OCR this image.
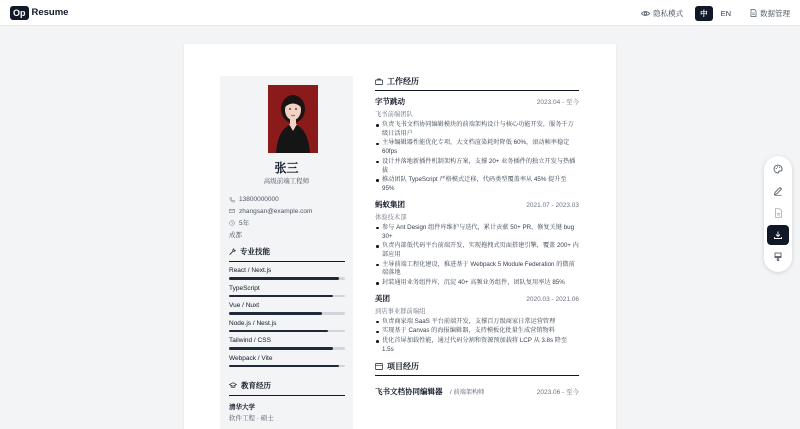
Op Resume	隐私模式	中	EN	数据管理
张三
高级前端工程师
13800000000
zhangsan@example.com
5年
成都
专业技能
React / Next.js
TypeScript
Vue / Nuxt
Node.js / Nest.js
Tailwind / CSS
Webpack / Vite
教育经历
清华大学
软件工程 · 硕士
工作经历
字节跳动	2023.04 - 至今
飞书前端团队
负责飞书文档协同编辑模块的前端架构设计与核心功能开发，服务千万级日活用户
主导编辑器性能优化专项，大文档渲染耗时降低 60%，滚动帧率稳定 60fps
设计并落地新插件机制架构方案，支撑 20+ 业务插件的独立开发与热插拔
推动团队 TypeScript 严格模式迁移，代码类型覆盖率从 45% 提升至 95%
蚂蚁集团	2021.07 - 2023.03
体验技术部
参与 Ant Design 组件库维护与迭代，累计贡献 50+ PR，修复关键 bug 30+
负责内部低代码平台前端开发，实现拖拽式页面搭建引擎，覆盖 200+ 内部应用
主导前端工程化建设，推进基于 Webpack 5 Module Federation 的微前端落地
封装通用业务组件库，沉淀 40+ 高频业务组件，团队复用率达 85%
美团	2020.03 - 2021.06
到店事业群前端组
负责商家端 SaaS 平台前端开发，支撑百万级商家日常运营管理
实现基于 Canvas 的海报编辑器，支持模板化批量生成营销物料
优化首屏加载性能，通过代码分割和资源预加载将 LCP 从 3.8s 降至 1.5s
项目经历
飞书文档协同编辑器 / 前端架构师	2023.06 - 至今
